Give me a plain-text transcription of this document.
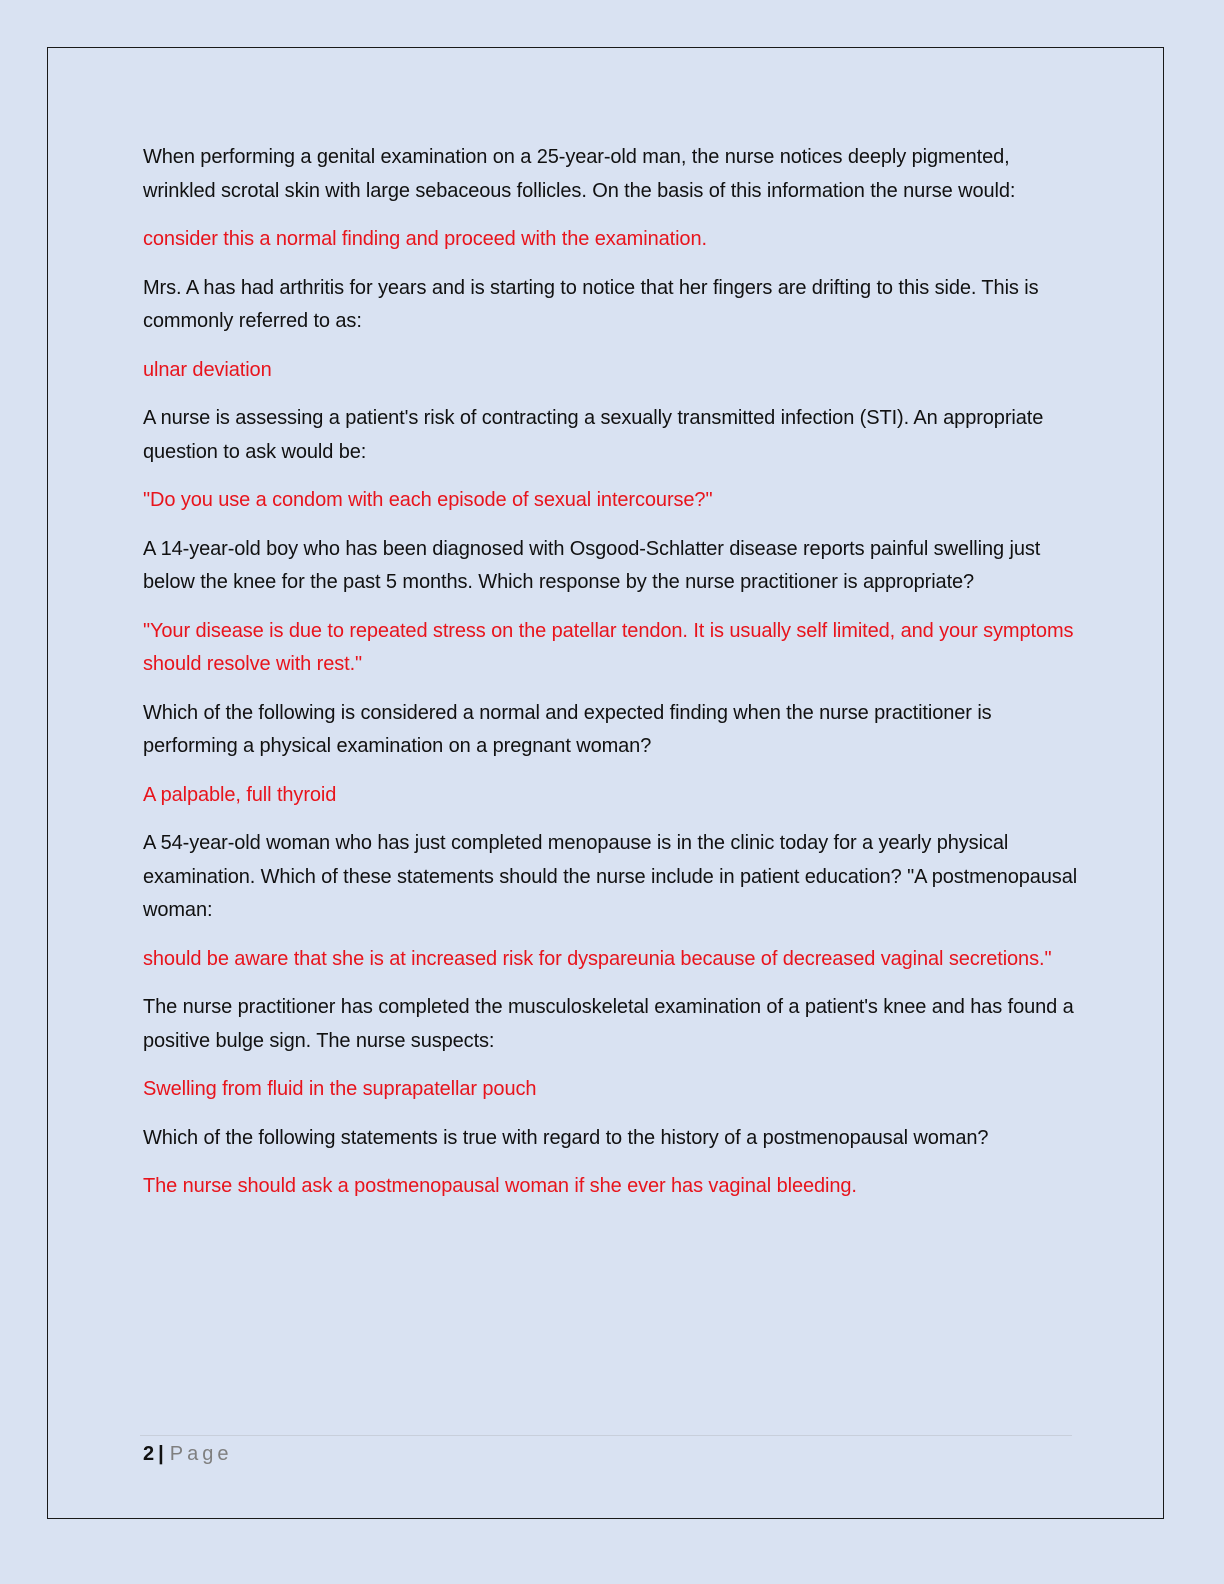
When performing a genital examination on a 25-year-old man, the nurse notices deeply pigmented, wrinkled scrotal skin with large sebaceous follicles. On the basis of this information the nurse would:

consider this a normal finding and proceed with the examination.

Mrs. A has had arthritis for years and is starting to notice that her fingers are drifting to this side. This is commonly referred to as:

ulnar deviation

A nurse is assessing a patient's risk of contracting a sexually transmitted infection (STI). An appropriate question to ask would be:

"Do you use a condom with each episode of sexual intercourse?"

A 14-year-old boy who has been diagnosed with Osgood-Schlatter disease reports painful swelling just below the knee for the past 5 months. Which response by the nurse practitioner is appropriate?

"Your disease is due to repeated stress on the patellar tendon. It is usually self limited, and your symptoms should resolve with rest."

Which of the following is considered a normal and expected finding when the nurse practitioner is performing a physical examination on a pregnant woman?

A palpable, full thyroid

A 54-year-old woman who has just completed menopause is in the clinic today for a yearly physical examination. Which of these statements should the nurse include in patient education? "A postmenopausal woman:

should be aware that she is at increased risk for dyspareunia because of decreased vaginal secretions."

The nurse practitioner has completed the musculoskeletal examination of a patient's knee and has found a positive bulge sign. The nurse suspects:

Swelling from fluid in the suprapatellar pouch

Which of the following statements is true with regard to the history of a postmenopausal woman?

The nurse should ask a postmenopausal woman if she ever has vaginal bleeding.

2 | Page
